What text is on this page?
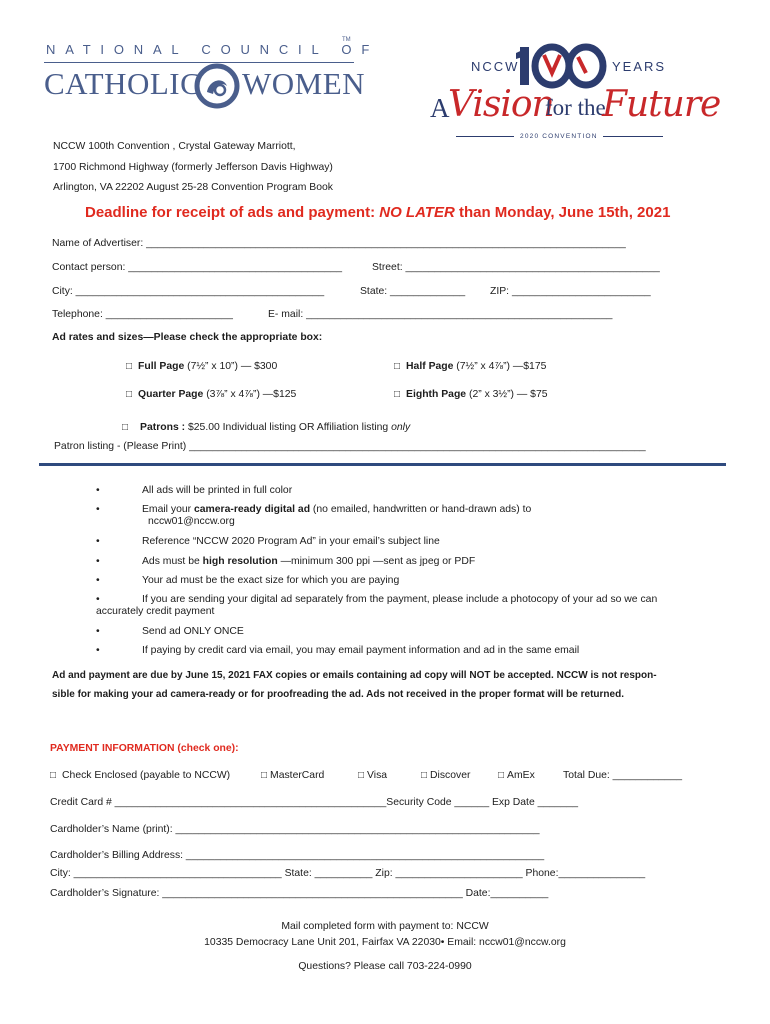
NATIONAL COUNCIL OF
TM
CATHOLIC WOMEN	NCCW	YEARS
A
Vision
for the
Future
2020 CONVENTION
NCCW 100th Convention , Crystal Gateway Marriott,
1700 Richmond Highway (formerly Jefferson Davis Highway)
Arlington, VA 22202 August 25-28 Convention Program Book
Deadline for receipt of ads and payment: NO LATER than Monday, June 15th, 2021
Name of Advertiser: ___________________________________________________________________________________
Contact person: _____________________________________	Street: ____________________________________________
City: ___________________________________________	State: _____________ ZIP: ________________________
Telephone: ______________________	E- mail: _____________________________________________________
Ad rates and sizes—Please check the appropriate box:
□ Full Page (7½” x 10”) — $300	□ Half Page (7½” x 4⅞”) —$175
□ Quarter Page (3⅞” x 4⅞”) —$125	□ Eighth Page (2” x 3½”) — $75
□ Patrons : $25.00 Individual listing OR Affiliation listing only
Patron listing - (Please Print) _______________________________________________________________________________
•	All ads will be printed in full color
•	Email your camera-ready digital ad (no emailed, handwritten or hand-drawn ads) to
nccw01@nccw.org
•	Reference “NCCW 2020 Program Ad” in your email’s subject line
•	Ads must be high resolution —minimum 300 ppi —sent as jpeg or PDF
•	Your ad must be the exact size for which you are paying
•	If you are sending your digital ad separately from the payment, please include a photocopy of your ad so we can
accurately credit payment
•	Send ad ONLY ONCE
•	If paying by credit card via email, you may email payment information and ad in the same email
Ad and payment are due by June 15, 2021 FAX copies or emails containing ad copy will NOT be accepted. NCCW is not respon-
sible for making your ad camera-ready or for proofreading the ad. Ads not received in the proper format will be returned.
PAYMENT INFORMATION (check one):
□ Check Enclosed (payable to NCCW)	□ MasterCard	□ Visa	□ Discover	□ AmEx	Total Due: ____________
Credit Card # _______________________________________________Security Code ______ Exp Date _______
Cardholder’s Name (print): _______________________________________________________________
Cardholder’s Billing Address: ______________________________________________________________
City: ____________________________________ State: __________ Zip: ______________________ Phone:_______________
Cardholder’s Signature: ____________________________________________________ Date:__________
Mail completed form with payment to: NCCW
10335 Democracy Lane Unit 201, Fairfax VA 22030• Email: nccw01@nccw.org
Questions? Please call 703-224-0990
